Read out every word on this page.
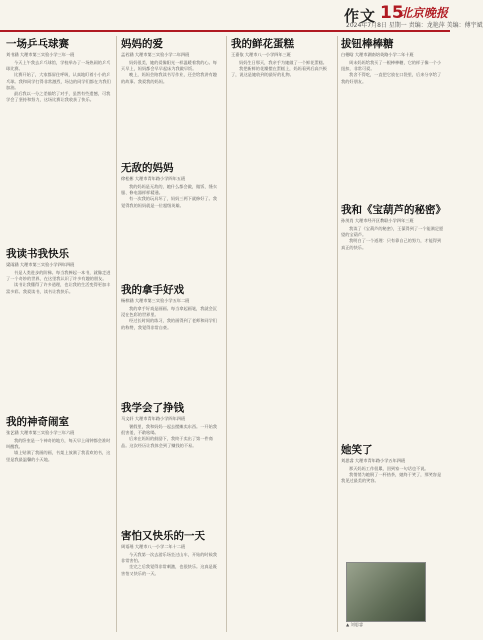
作文 15
北京晚报
2024年7月8日 星期一 责编：龙艳萍 美编：傅宇斌
一场乒乓球赛
刘书涵 大理市第三实验小学三年一班

今天上午我去乒乓球馆，学校举办了一场热闹的乒乓球比赛。

比赛开始了，大家都屏住呼吸，认真地盯着小小的乒乓球。我和同学打得非常激烈，场边的同学们都在为我们加油。

最后我以一分之差输给了对手，虽然有些遗憾，可我学会了坚持和努力，这场比赛让我收获了快乐。

我读书我快乐
梁雨涵 大理市第三实验小学四年四班

书是人类进步的阶梯。每当我捧起一本书，就像走进了一个奇妙的世界，在这里我认识了许多有趣的朋友。

读书让我懂得了许多道理，也让我的生活变得更加丰富多彩。我爱读书，读书让我快乐。

我的神奇闹室
张艺涵 大理市第三实验小学三年六班

我的卧室是一个神奇的地方，每天早上闹钟都会准时叫醒我。

墙上贴满了我画的画，书架上放满了我喜欢的书，这里是我最温馨的小天地。

妈妈的爱
孟若涵 大理市第三实验小学二年四班

妈妈很美，她的爱像阳光一样温暖着我的心。每天早上，妈妈都会早早起床为我做早饭。

晚上，妈妈会陪我读书写作业，还会给我讲有趣的故事。我爱我的妈妈。

无敌的妈妈
徐松彬 大理市青年路小学四年五班

我的妈妈是无敌的，她什么都会做，做饭、缝衣服、修电器样样精通。

有一次我的玩具坏了，妈妈三两下就修好了。我觉得我的妈妈就是一位超级英雄。

我的拿手好戏
杨梓涵 大理市第三实验小学五年二班

我的拿手好戏是画画。每当拿起画笔，我就会沉浸在色彩的世界里。

经过长时间的练习，我的画得到了老师和同学们的称赞，我觉得非常自豪。

我学会了挣钱
马文轩 大理市青年路小学四年四班

暑假里，我和妈妈一起去摆摊卖东西。一开始我很害羞，不敢吆喝。

后来在妈妈的鼓励下，我终于卖出了第一件商品。这次经历让我体会到了赚钱的不易。

害怕又快乐的一天
周语瑶 大理市八一小学二年十二班

今天我第一次去游乐场坐过山车，开始的时候我非常害怕。

坐完之后我觉得非常刺激，也很快乐。这真是既害怕又快乐的一天。

我的鲜花蛋糕
王嘉依 大理市八一小学四年三班

妈妈生日那天，我亲手为她做了一个鲜花蛋糕。

我把新鲜的花瓣摆在蛋糕上，妈妈看到后高兴极了，说这是她收到的最好的礼物。

拔钮棒棒糖
白栩晗 大理市湖南培英路小学二年十班

周末妈妈给我买了一根棒棒糖，它的样子像一个小纽扣，非常可爱。

我舍不得吃，一直把它放在口袋里，后来分享给了我的好朋友。

我和《宝葫芦的秘密》
孙茂肖 大理市经开区教联小学四年三班

我读了《宝葫芦的秘密》，王葆得到了一个能满足愿望的宝葫芦。

我明白了一个道理：只有靠自己的努力，才能得到真正的快乐。

她笑了
刘思睿 大理市青年路小学五年四班

那天妈妈工作很累，回到家一句话也不说。

我悄悄为她倒了一杯热茶，她终于笑了，那笑容是我见过最美的笑容。

▲ 刘思睿
